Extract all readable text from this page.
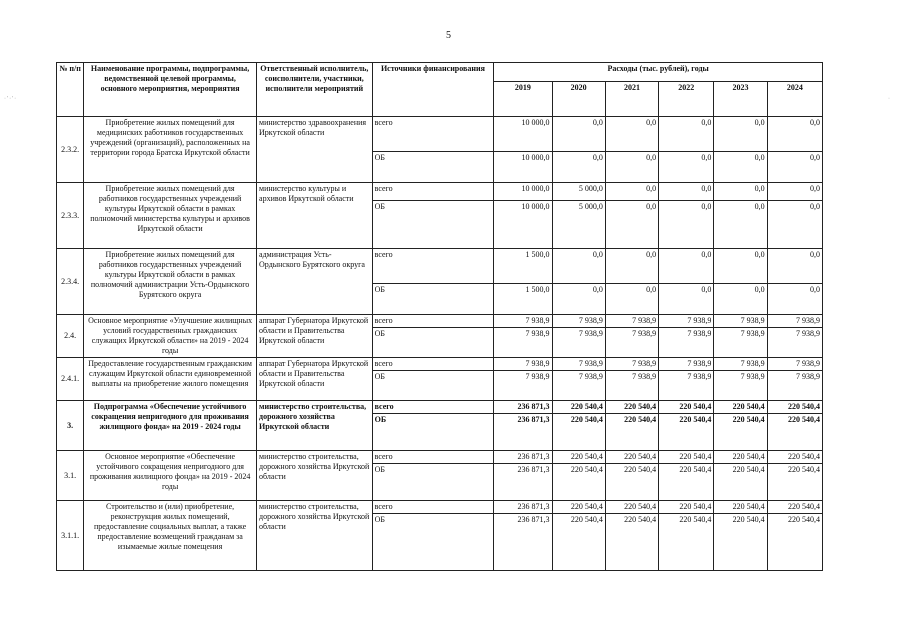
5
·'·'·	·
№ п/п	Наименование программы, подпрограммы, ведомственной целевой программы, основного мероприятия, мероприятия	Ответственный исполнитель, соисполнители, участники, исполнители мероприятий	Источники финансирования	Расходы (тыс. рублей), годы					
				2019	2020	2021	2022	2023	2024
2.3.2.	Приобретение жилых помещений для медицинских работников государственных учреждений (организаций), расположенных на территории города Братска Иркутской области	министерство здравоохранения Иркутской области	всего	10 000,0	0,0	0,0	0,0	0,0	0,0
			ОБ	10 000,0	0,0	0,0	0,0	0,0	0,0
2.3.3.	Приобретение жилых помещений для работников государственных учреждений культуры Иркутской области в рамках полномочий министерства культуры и архивов Иркутской области	министерство культуры и архивов Иркутской области	всего	10 000,0	5 000,0	0,0	0,0	0,0	0,0
			ОБ	10 000,0	5 000,0	0,0	0,0	0,0	0,0
2.3.4.	Приобретение жилых помещений для работников государственных учреждений культуры Иркутской области в рамках полномочий администрации Усть-Ордынского Бурятского округа	администрация Усть-Ордынского Бурятского округа	всего	1 500,0	0,0	0,0	0,0	0,0	0,0
			ОБ	1 500,0	0,0	0,0	0,0	0,0	0,0
2.4.	Основное мероприятие «Улучшение жилищных условий государственных гражданских служащих Иркутской области» на 2019 - 2024 годы	аппарат Губернатора Иркутской области и Правительства Иркутской области	всего	7 938,9	7 938,9	7 938,9	7 938,9	7 938,9	7 938,9
			ОБ	7 938,9	7 938,9	7 938,9	7 938,9	7 938,9	7 938,9
2.4.1.	Предоставление государственным гражданским служащим Иркутской области единовременной выплаты на приобретение жилого помещения	аппарат Губернатора Иркутской области и Правительства Иркутской области	всего	7 938,9	7 938,9	7 938,9	7 938,9	7 938,9	7 938,9
			ОБ	7 938,9	7 938,9	7 938,9	7 938,9	7 938,9	7 938,9
3.	Подпрограмма «Обеспечение устойчивого сокращения непригодного для проживания жилищного фонда» на 2019 - 2024 годы	министерство строительства, дорожного хозяйства Иркутской области	всего	236 871,3	220 540,4	220 540,4	220 540,4	220 540,4	220 540,4
			ОБ	236 871,3	220 540,4	220 540,4	220 540,4	220 540,4	220 540,4
3.1.	Основное мероприятие «Обеспечение устойчивого сокращения непригодного для проживания жилищного фонда» на 2019 - 2024 годы	министерство строительства, дорожного хозяйства Иркутской области	всего	236 871,3	220 540,4	220 540,4	220 540,4	220 540,4	220 540,4
			ОБ	236 871,3	220 540,4	220 540,4	220 540,4	220 540,4	220 540,4
3.1.1.	Строительство и (или) приобретение, реконструкция жилых помещений, предоставление социальных выплат, а также предоставление возмещений гражданам за изымаемые жилые помещения	министерство строительства, дорожного хозяйства Иркутской области	всего	236 871,3	220 540,4	220 540,4	220 540,4	220 540,4	220 540,4
			ОБ	236 871,3	220 540,4	220 540,4	220 540,4	220 540,4	220 540,4
